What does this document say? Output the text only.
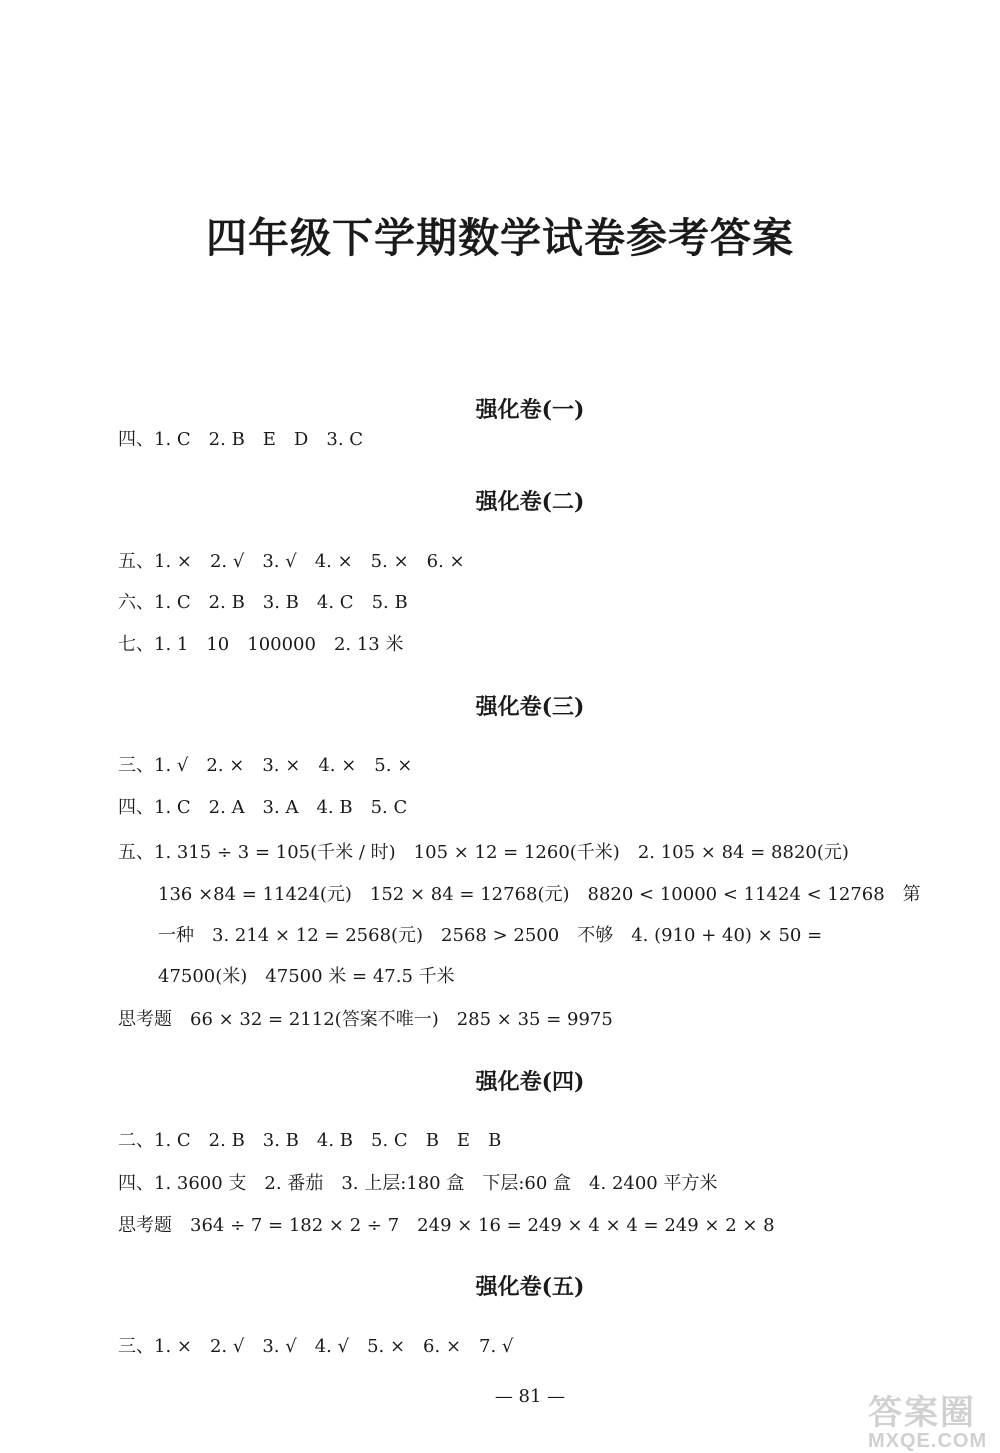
四年级下学期数学试卷参考答案
强化卷(一)
四、1. C　2. B　E　D　3. C
强化卷(二)
五、1. ×　2. √　3. √　4. ×　5. ×　6. ×
六、1. C　2. B　3. B　4. C　5. B
七、1. 1　10　100000　2. 13 米
强化卷(三)
三、1. √　2. ×　3. ×　4. ×　5. ×
四、1. C　2. A　3. A　4. B　5. C
五、1. 315 ÷ 3 = 105(千米 / 时)　105 × 12 = 1260(千米)　2. 105 × 84 = 8820(元)
136 ×84 = 11424(元)　152 × 84 = 12768(元)　8820 < 10000 < 11424 < 12768　第
一种　3. 214 × 12 = 2568(元)　2568 > 2500　不够　4. (910 + 40) × 50 =
47500(米)　47500 米 = 47.5 千米
思考题　66 × 32 = 2112(答案不唯一)　285 × 35 = 9975
强化卷(四)
二、1. C　2. B　3. B　4. B　5. C　B　E　B
四、1. 3600 支　2. 番茄　3. 上层:180 盒　下层:60 盒　4. 2400 平方米
思考题　364 ÷ 7 = 182 × 2 ÷ 7　249 × 16 = 249 × 4 × 4 = 249 × 2 × 8
强化卷(五)
三、1. ×　2. √　3. √　4. √　5. ×　6. ×　7. √
— 81 —	答案圈
MXQE.COM
